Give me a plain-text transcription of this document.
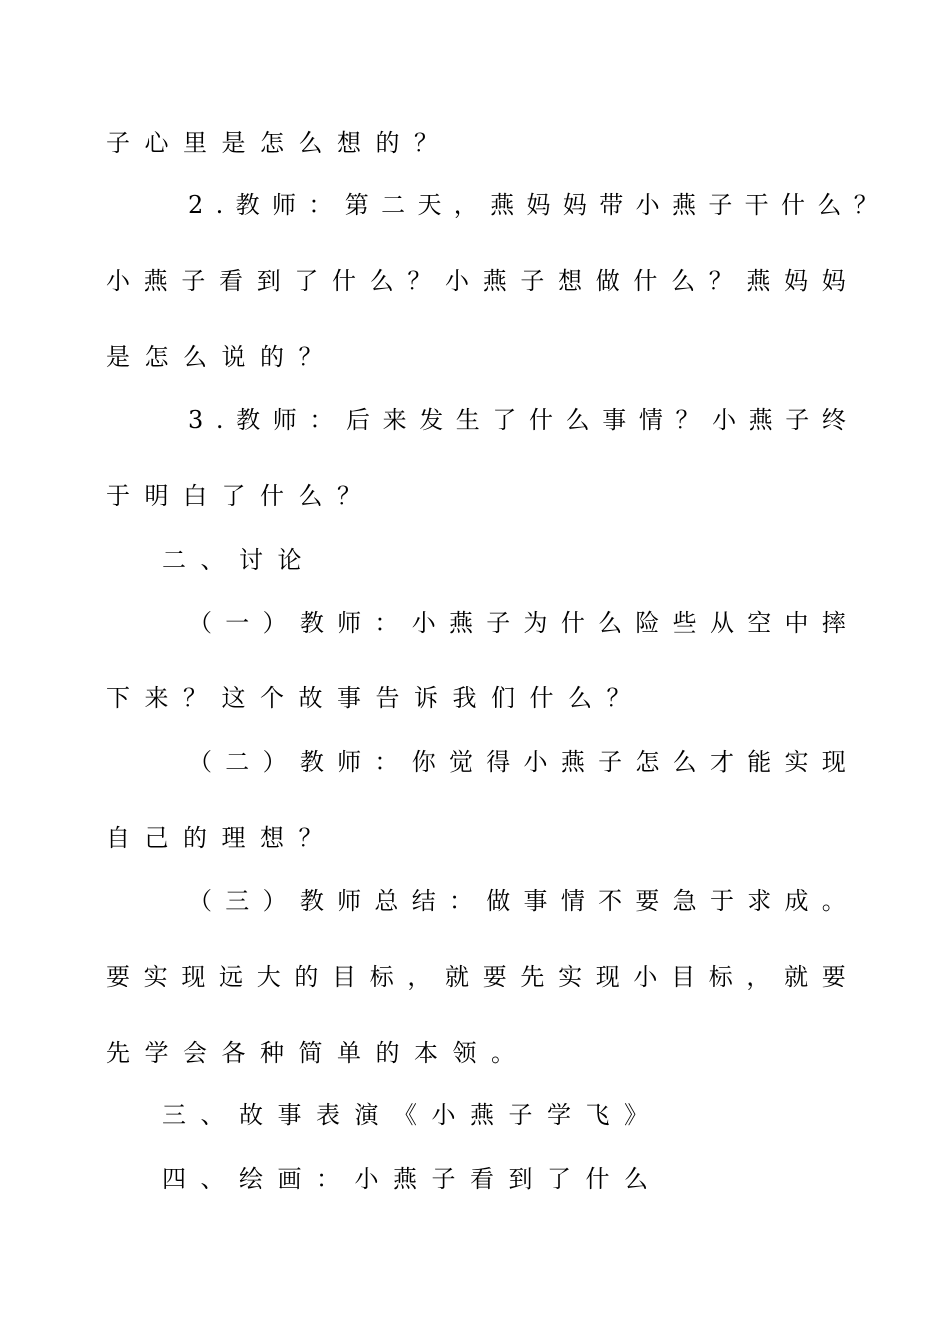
子心里是怎么想的？
2 . 教 师 ： 第 二 天 ， 燕 妈 妈 带 小 燕 子 干 什 么 ？
小 燕 子 看 到 了 什 么 ？ 小 燕 子 想 做 什 么 ？ 燕 妈 妈
是怎么说的？
3 . 教 师 ： 后 来 发 生 了 什 么 事 情 ？ 小 燕 子 终
于明白了什么？
二、讨论
（ 一 ） 教 师 ： 小 燕 子 为 什 么 险 些 从 空 中 摔
下来？这个故事告诉我们什么？
（ 二 ） 教 师 ： 你 觉 得 小 燕 子 怎 么 才 能 实 现
自己的理想？
（ 三 ） 教 师 总 结 ： 做 事 情 不 要 急 于 求 成 。
要 实 现 远 大 的 目 标 ， 就 要 先 实 现 小 目 标 ， 就 要
先学会各种简单的本领。
三、故事表演《小燕子学飞》
四、绘画：小燕子看到了什么
